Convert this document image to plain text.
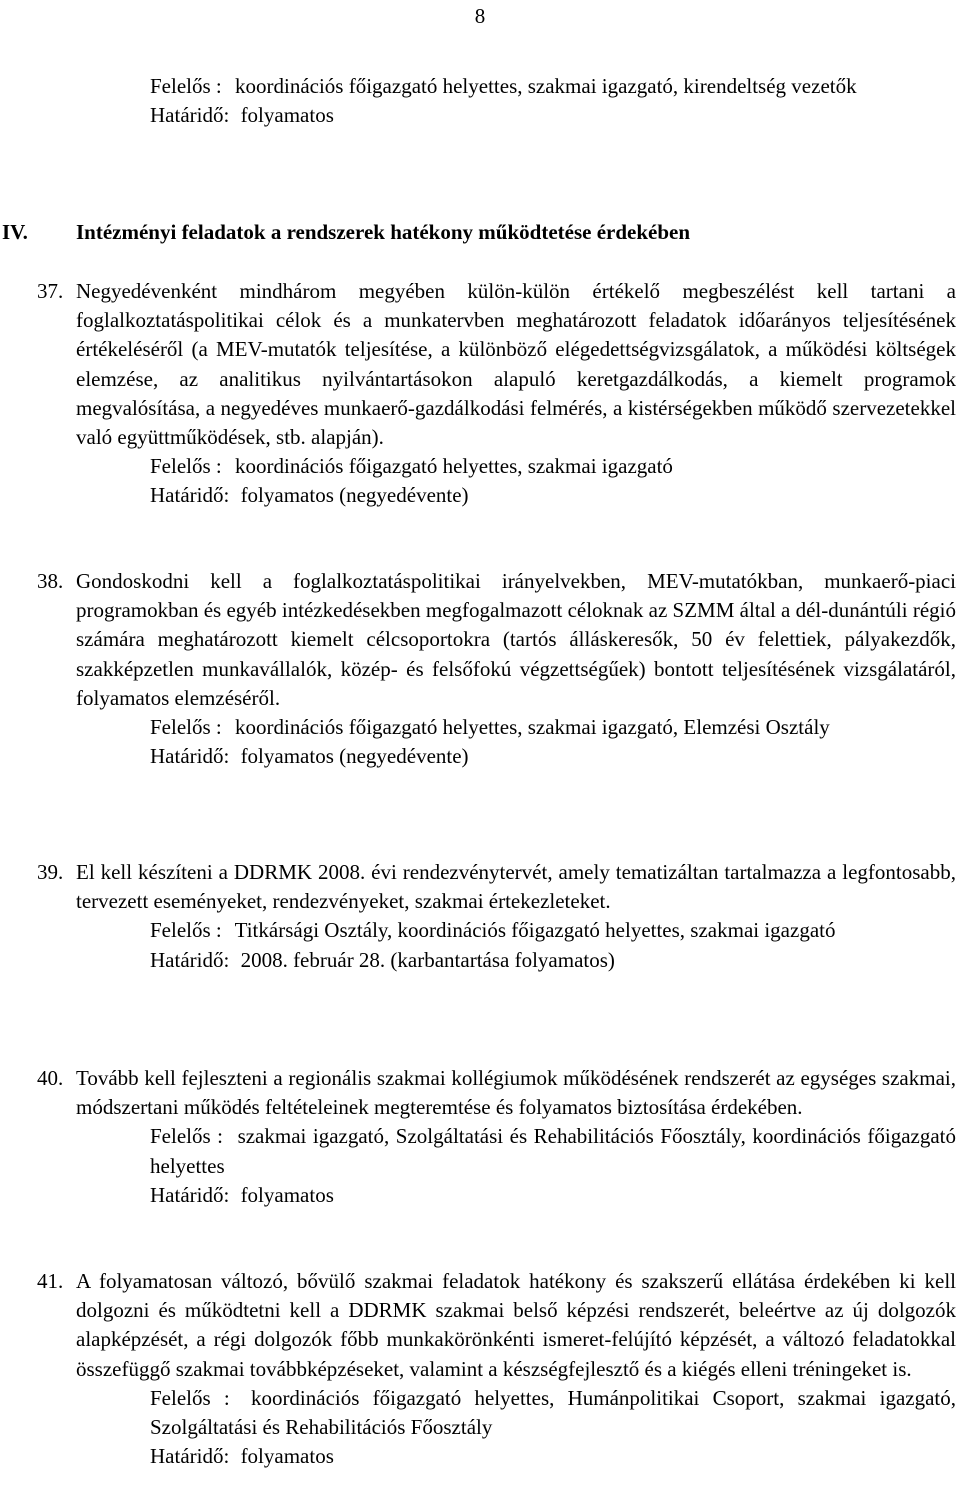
8

Felelős : koordinációs főigazgató helyettes, szakmai igazgató, kirendeltség vezetők

Határidő: folyamatos

IV. Intézményi feladatok a rendszerek hatékony működtetése érdekében
37. Negyedévenként mindhárom megyében külön-külön értékelő megbeszélést kell tartani a foglalkoztatáspolitikai célok és a munkatervben meghatározott feladatok időarányos teljesítésének értékeléséről (a MEV-mutatók teljesítése, a különböző elégedettségvizsgálatok, a működési költségek elemzése, az analitikus nyilvántartásokon alapuló keretgazdálkodás, a kiemelt programok megvalósítása, a negyedéves munkaerő-gazdálkodási felmérés, a kistérségekben működő szervezetekkel való együttműködések, stb. alapján).

Felelős : koordinációs főigazgató helyettes, szakmai igazgató

Határidő: folyamatos (negyedévente)

38. Gondoskodni kell a foglalkoztatáspolitikai irányelvekben, MEV-mutatókban, munkaerő-piaci programokban és egyéb intézkedésekben megfogalmazott céloknak az SZMM által a dél-dunántúli régió számára meghatározott kiemelt célcsoportokra (tartós álláskeresők, 50 év felettiek, pályakezdők, szakképzetlen munkavállalók, közép- és felsőfokú végzettségűek) bontott teljesítésének vizsgálatáról, folyamatos elemzéséről.

Felelős : koordinációs főigazgató helyettes, szakmai igazgató, Elemzési Osztály

Határidő: folyamatos (negyedévente)

39. El kell készíteni a DDRMK 2008. évi rendezvénytervét, amely tematizáltan tartalmazza a legfontosabb, tervezett eseményeket, rendezvényeket, szakmai értekezleteket.

Felelős : Titkársági Osztály, koordinációs főigazgató helyettes, szakmai igazgató

Határidő: 2008. február 28. (karbantartása folyamatos)

40. Tovább kell fejleszteni a regionális szakmai kollégiumok működésének rendszerét az egységes szakmai, módszertani működés feltételeinek megteremtése és folyamatos biztosítása érdekében.

Felelős : szakmai igazgató, Szolgáltatási és Rehabilitációs Főosztály, koordinációs főigazgató helyettes

Határidő: folyamatos

41. A folyamatosan változó, bővülő szakmai feladatok hatékony és szakszerű ellátása érdekében ki kell dolgozni és működtetni kell a DDRMK szakmai belső képzési rendszerét, beleértve az új dolgozók alapképzését, a régi dolgozók főbb munkakörönkénti ismeret-felújító képzését, a változó feladatokkal összefüggő szakmai továbbképzéseket, valamint a készségfejlesztő és a kiégés elleni tréningeket is.

Felelős : koordinációs főigazgató helyettes, Humánpolitikai Csoport, szakmai igazgató, Szolgáltatási és Rehabilitációs Főosztály

Határidő: folyamatos
